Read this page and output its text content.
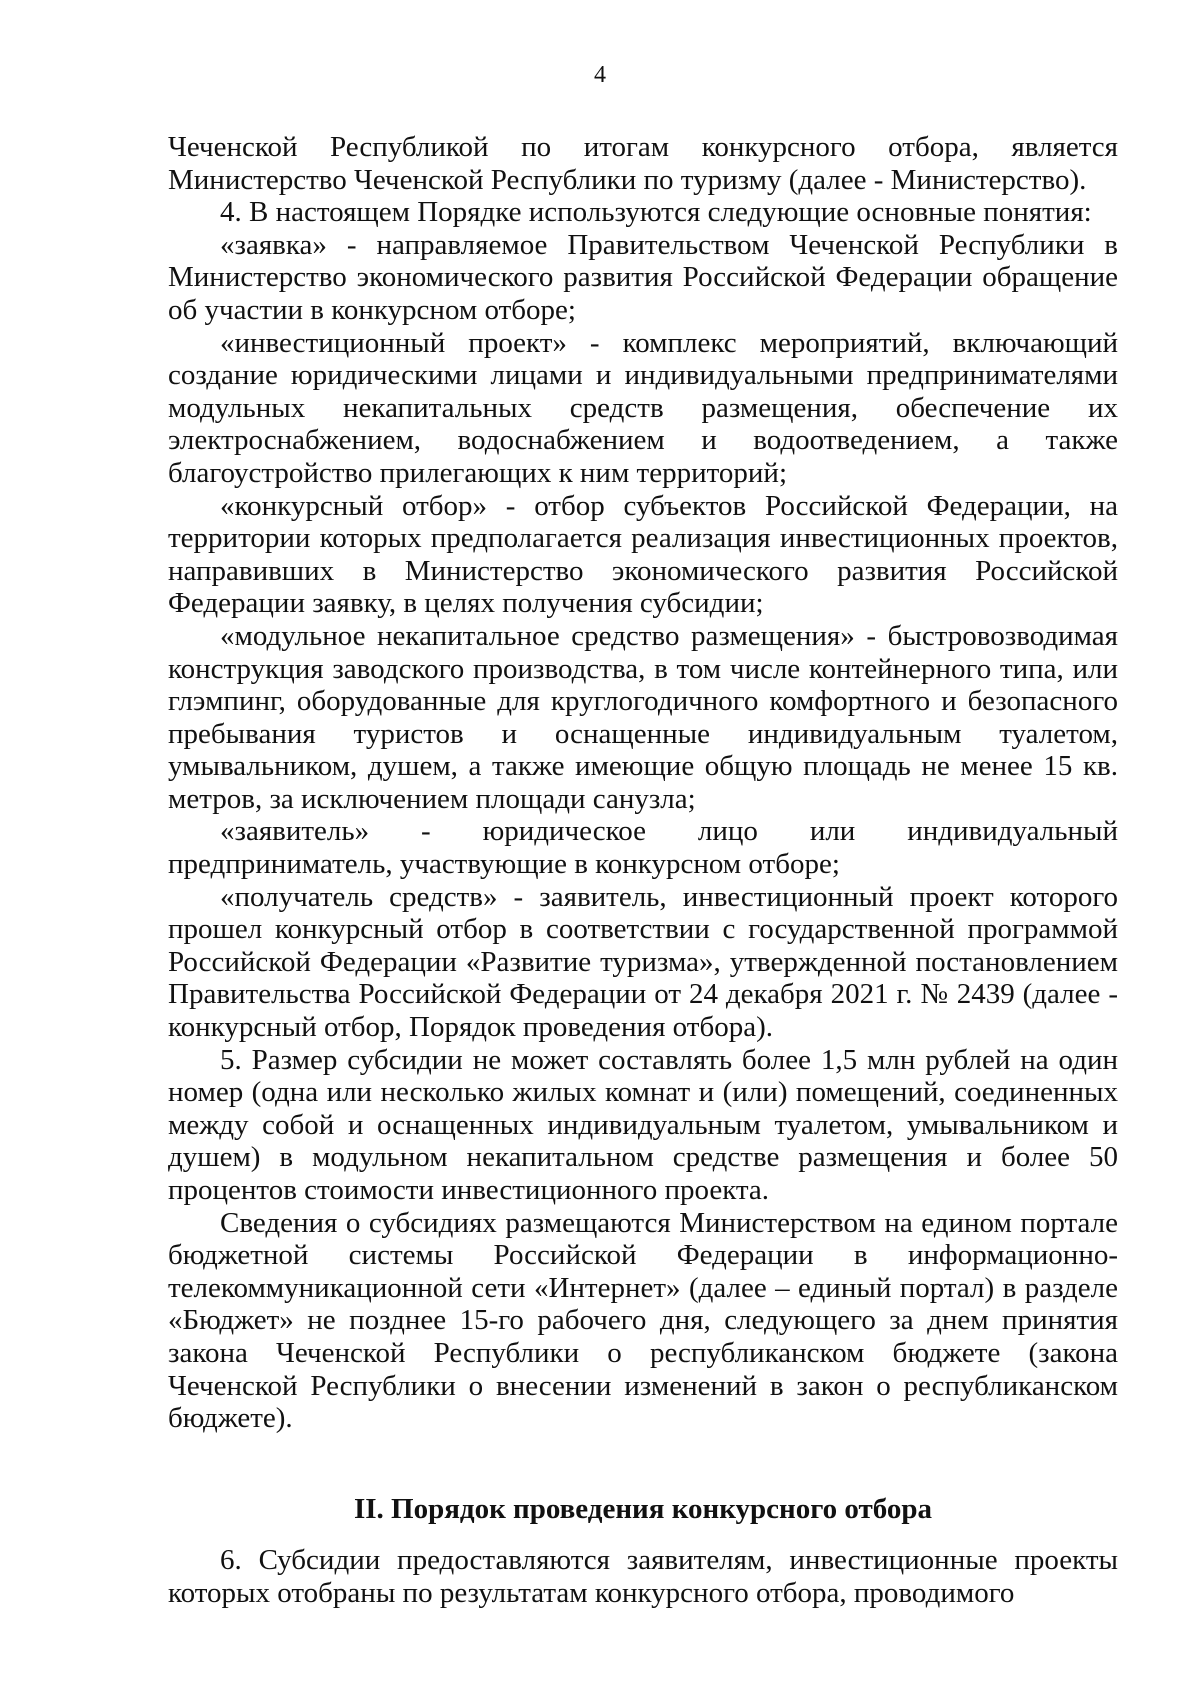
4

Чеченской Республикой по итогам конкурсного отбора, является Министерство Чеченской Республики по туризму (далее - Министерство).

4. В настоящем Порядке используются следующие основные понятия:

«заявка» - направляемое Правительством Чеченской Республики в Министерство экономического развития Российской Федерации обращение об участии в конкурсном отборе;

«инвестиционный проект» - комплекс мероприятий, включающий создание юридическими лицами и индивидуальными предпринимателями модульных некапитальных средств размещения, обеспечение их электроснабжением, водоснабжением и водоотведением, а также благоустройство прилегающих к ним территорий;

«конкурсный отбор» - отбор субъектов Российской Федерации, на территории которых предполагается реализация инвестиционных проектов, направивших в Министерство экономического развития Российской Федерации заявку, в целях получения субсидии;

«модульное некапитальное средство размещения» - быстровозводимая конструкция заводского производства, в том числе контейнерного типа, или глэмпинг, оборудованные для круглогодичного комфортного и безопасного пребывания туристов и оснащенные индивидуальным туалетом, умывальником, душем, а также имеющие общую площадь не менее 15 кв. метров, за исключением площади санузла;

«заявитель» - юридическое лицо или индивидуальный предприниматель, участвующие в конкурсном отборе;

«получатель средств» - заявитель, инвестиционный проект которого прошел конкурсный отбор в соответствии с государственной программой Российской Федерации «Развитие туризма», утвержденной постановлением Правительства Российской Федерации от 24 декабря 2021 г. № 2439 (далее - конкурсный отбор, Порядок проведения отбора).

5. Размер субсидии не может составлять более 1,5 млн рублей на один номер (одна или несколько жилых комнат и (или) помещений, соединенных между собой и оснащенных индивидуальным туалетом, умывальником и душем) в модульном некапитальном средстве размещения и более 50 процентов стоимости инвестиционного проекта.

Сведения о субсидиях размещаются Министерством на едином портале бюджетной системы Российской Федерации в информационно-телекоммуникационной сети «Интернет» (далее – единый портал) в разделе «Бюджет» не позднее 15-го рабочего дня, следующего за днем принятия закона Чеченской Республики о республиканском бюджете (закона Чеченской Республики о внесении изменений в закон о республиканском бюджете).

II. Порядок проведения конкурсного отбора

6. Субсидии предоставляются заявителям, инвестиционные проекты которых отобраны по результатам конкурсного отбора, проводимого
